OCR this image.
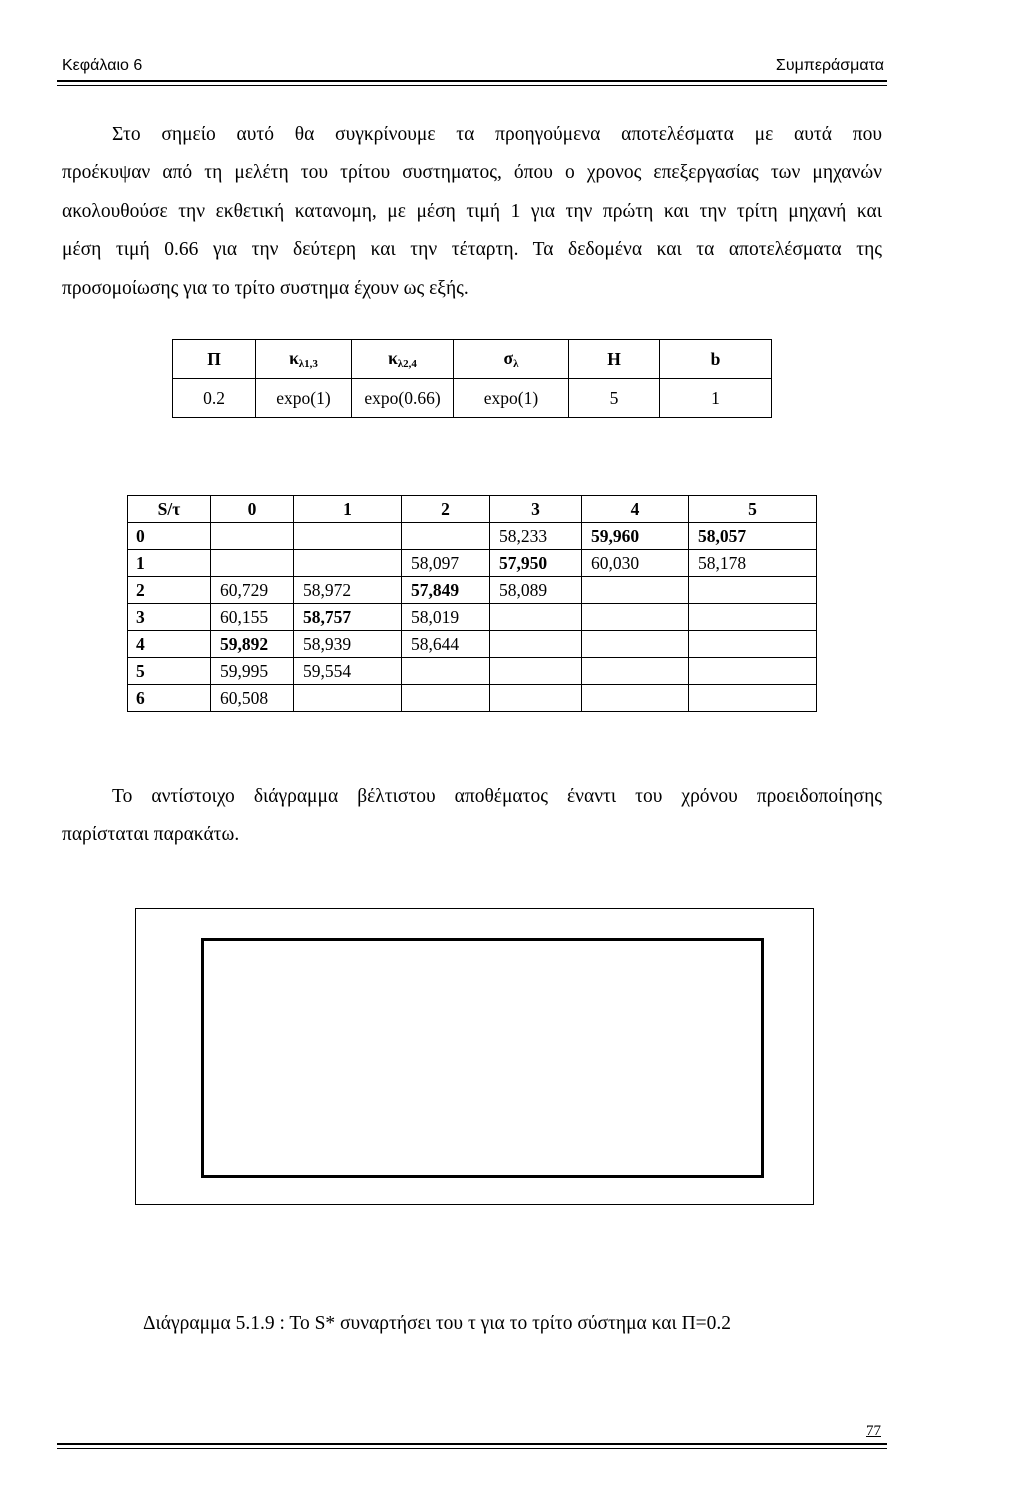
Κεφάλαιο 6	Συμπεράσματα
Στο σημείο αυτό θα συγκρίνουμε τα προηγούμενα αποτελέσματα με αυτά που
προέκυψαν από τη μελέτη του τρίτου συστηματος, όπου ο χρονος επεξεργασίας των μηχανών
ακολουθούσε την εκθετική κατανομη, με μέση τιμή 1 για την πρώτη και την τρίτη μηχανή και
μέση τιμή 0.66 για την δεύτερη και την τέταρτη. Τα δεδομένα και τα αποτελέσματα της
προσομοίωσης για το τρίτο συστημα έχουν ως εξής.
Π	$\kappa_{\lambda 1,3}$	$\kappa_{\lambda 2,4}$	$\sigma_\lambda$	H	b
0.2	expo(1)	expo(0.66)	expo(1)	5	1
S/τ	0	1	2	3	4	5
0				58,233	59,960	58,057
1			58,097	57,950	60,030	58,178
2	60,729	58,972	57,849	58,089		
3	60,155	58,757	58,019			
4	59,892	58,939	58,644			
5	59,995	59,554				
6	60,508					
Το αντίστοιχο διάγραμμα βέλτιστου αποθέματος έναντι του χρόνου προειδοποίησης
παρίσταται παρακάτω.
Διάγραμμα 5.1.9 : Το S* συναρτήσει του τ για το τρίτο σύστημα και Π=0.2
77
